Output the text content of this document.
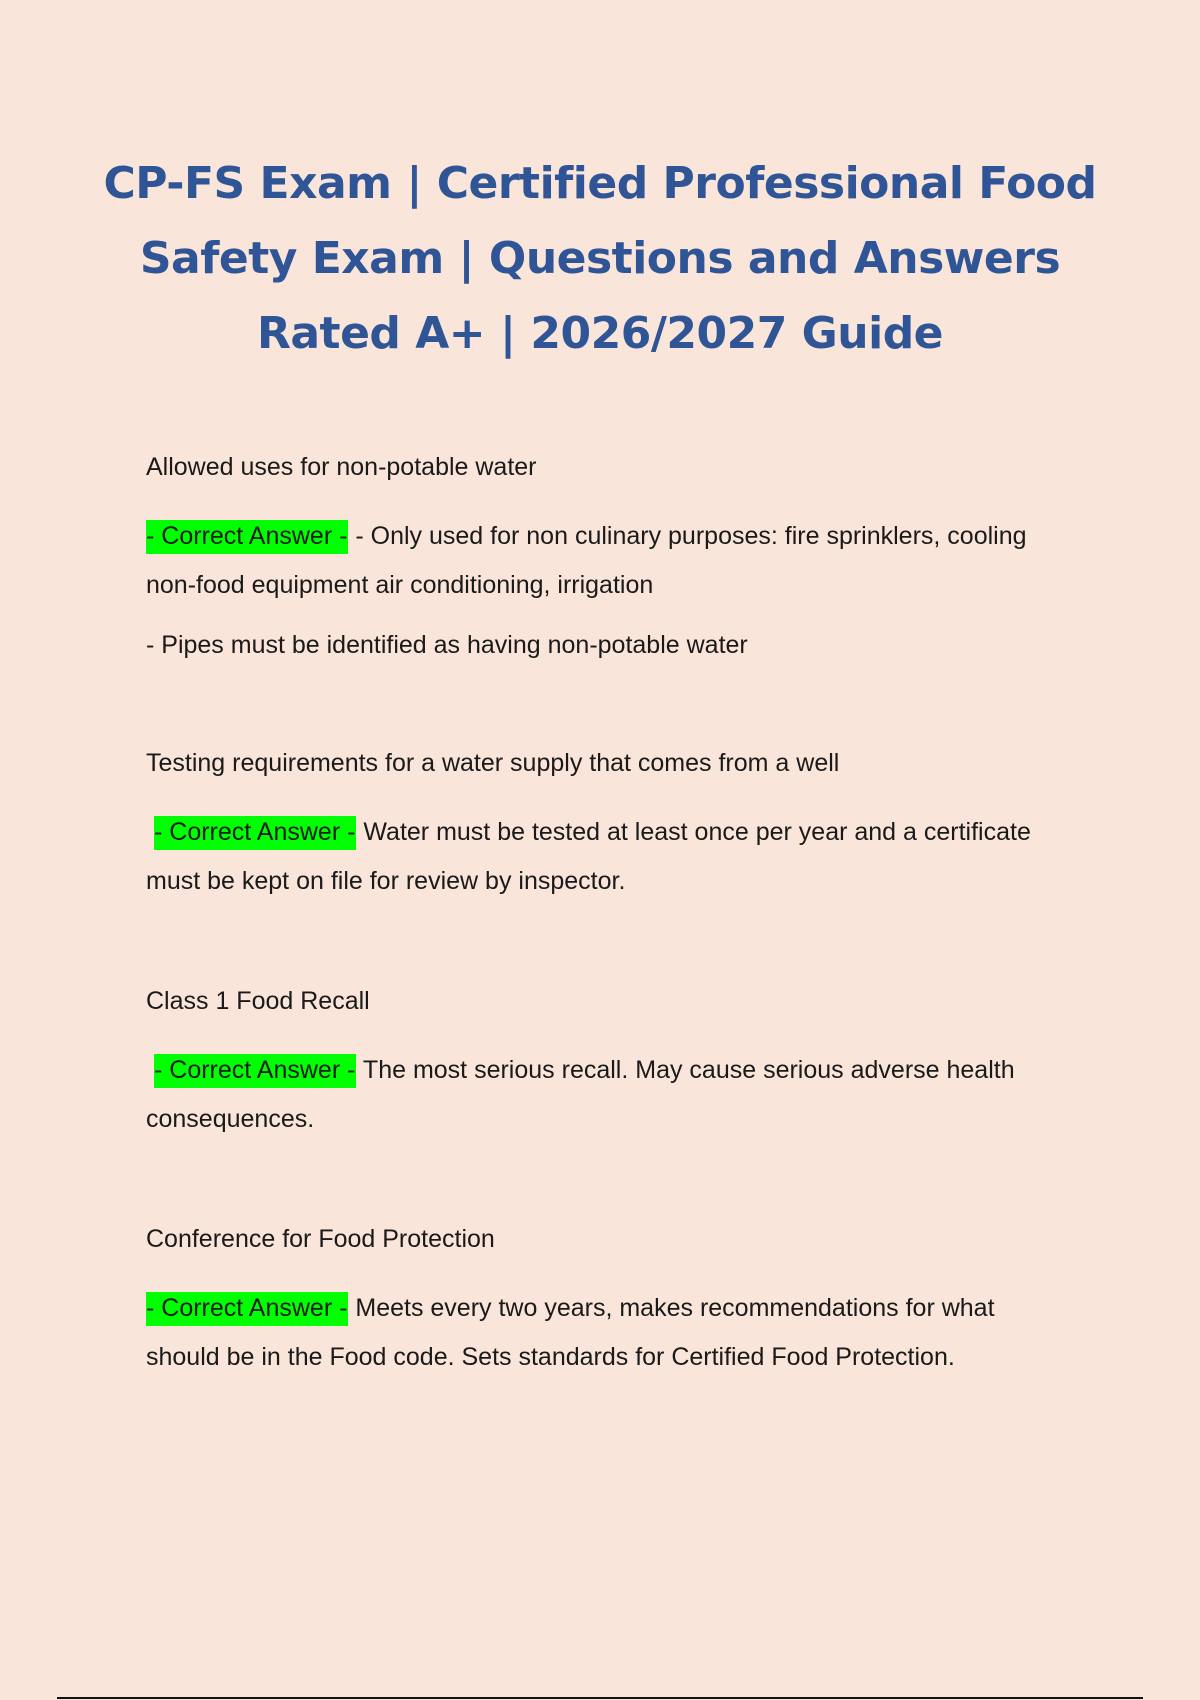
CP-FS Exam | Certified Professional Food Safety Exam | Questions and Answers Rated A+ | 2026/2027 Guide

Allowed uses for non-potable water

- Correct Answer - - Only used for non culinary purposes: fire sprinklers, cooling non-food equipment air conditioning, irrigation

- Pipes must be identified as having non-potable water

Testing requirements for a water supply that comes from a well

- Correct Answer - Water must be tested at least once per year and a certificate must be kept on file for review by inspector.

Class 1 Food Recall

- Correct Answer - The most serious recall. May cause serious adverse health consequences.

Conference for Food Protection

- Correct Answer - Meets every two years, makes recommendations for what should be in the Food code. Sets standards for Certified Food Protection.
